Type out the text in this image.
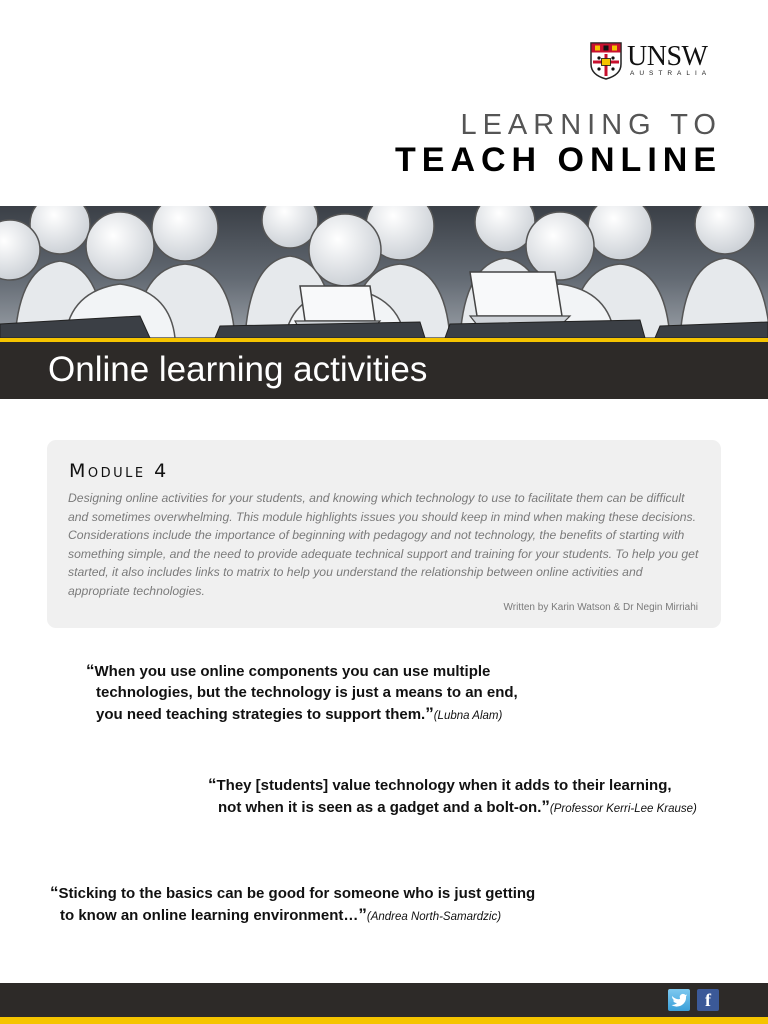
UNSW
AUSTRALIA
LEARNING TO
TEACH ONLINE
Online learning activities
Module 4

Designing online activities for your students, and knowing which technology to use to facilitate them can be difficult and sometimes overwhelming. This module highlights issues you should keep in mind when making these decisions. Considerations include the importance of beginning with pedagogy and not technology, the benefits of starting with something simple, and the need to provide adequate technical support and training for your students. To help you get started, it also includes links to matrix to help you understand the relationship between online activities and appropriate technologies.

Written by Karin Watson & Dr Negin Mirriahi
“When you use online components you can use multiple
technologies, but the technology is just a means to an end,
you need teaching strategies to support them.”(Lubna Alam)
“They [students] value technology when it adds to their learning,
not when it is seen as a gadget and a bolt-on.”(Professor Kerri-Lee Krause)
“Sticking to the basics can be good for someone who is just getting
to know an online learning environment…”(Andrea North-Samardzic)
f
